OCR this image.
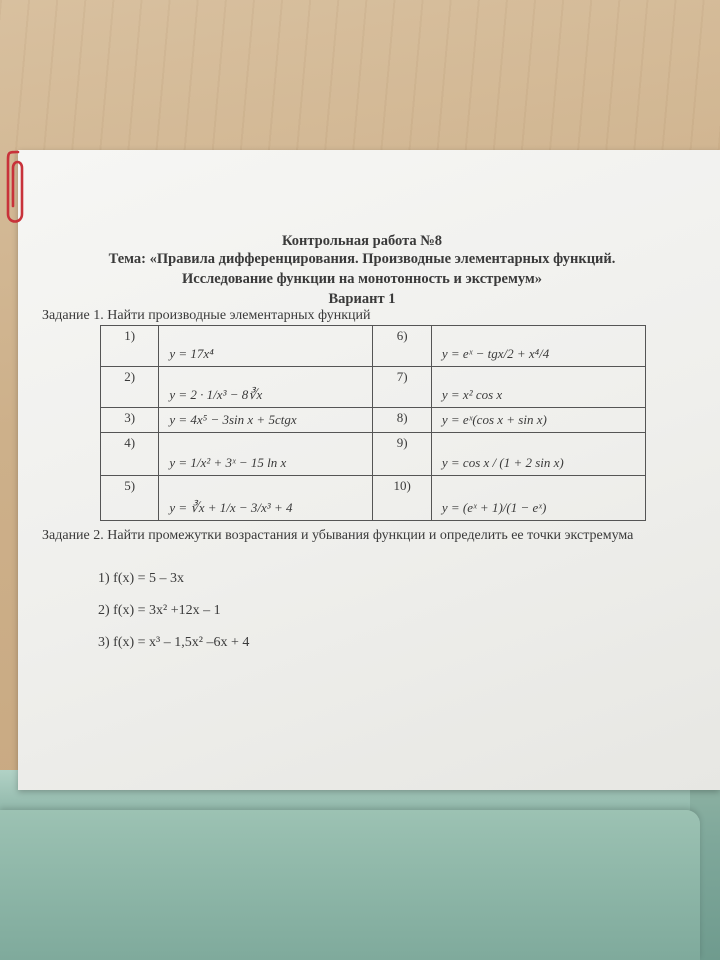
Контрольная работа №8
Тема: «Правила дифференцирования. Производные элементарных функций.
Исследование функции на монотонность и экстремум»
Вариант 1
Задание 1. Найти производные элементарных функций
1)	y = 17x⁴	6)	y = eˣ − tgx/2 + x⁴/4

2)	y = 2 · 1/x³ − 8∛x	7)	y = x² cos x

3)	y = 4x⁵ − 3sin x + 5ctgx	8)	y = eˣ(cos x + sin x)

4)	y = 1/x² + 3ˣ − 15 ln x	9)	y = cos x / (1 + 2 sin x)

5)	y = ∛x + 1/x − 3/x³ + 4	10)	y = (eˣ + 1)/(1 − eˣ)
Задание 2. Найти промежутки возрастания и убывания функции и определить ее точки экстремума
1) f(x) = 5 – 3x
2) f(x) = 3x² +12x – 1
3) f(x) = x³ – 1,5x² –6x + 4
